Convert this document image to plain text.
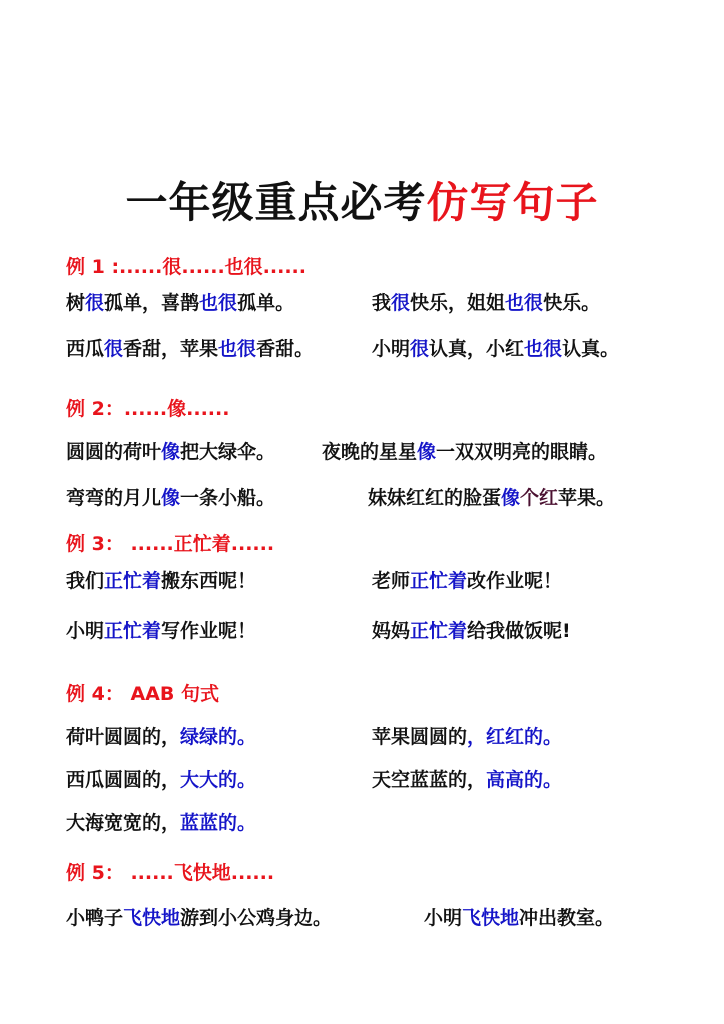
一年级重点必考仿写句子
例 1 :......很......也很......
树很孤单，喜鹊也很孤单。	我很快乐，姐姐也很快乐。
西瓜很香甜，苹果也很香甜。	小明很认真，小红也很认真。
例 2：......像......
圆圆的荷叶像把大绿伞。 夜晚的星星像一双双明亮的眼睛。
弯弯的月儿像一条小船。	妹妹红红的脸蛋像个红苹果。
例 3： ......正忙着......
我们正忙着搬东西呢！	老师正忙着改作业呢！
小明正忙着写作业呢！	妈妈正忙着给我做饭呢!
例 4： AAB 句式
荷叶圆圆的，绿绿的。	苹果圆圆的，红红的。
西瓜圆圆的，大大的。	天空蓝蓝的，高高的。
大海宽宽的，蓝蓝的。
例 5： ......飞快地......
小鸭子飞快地游到小公鸡身边。	小明飞快地冲出教室。
